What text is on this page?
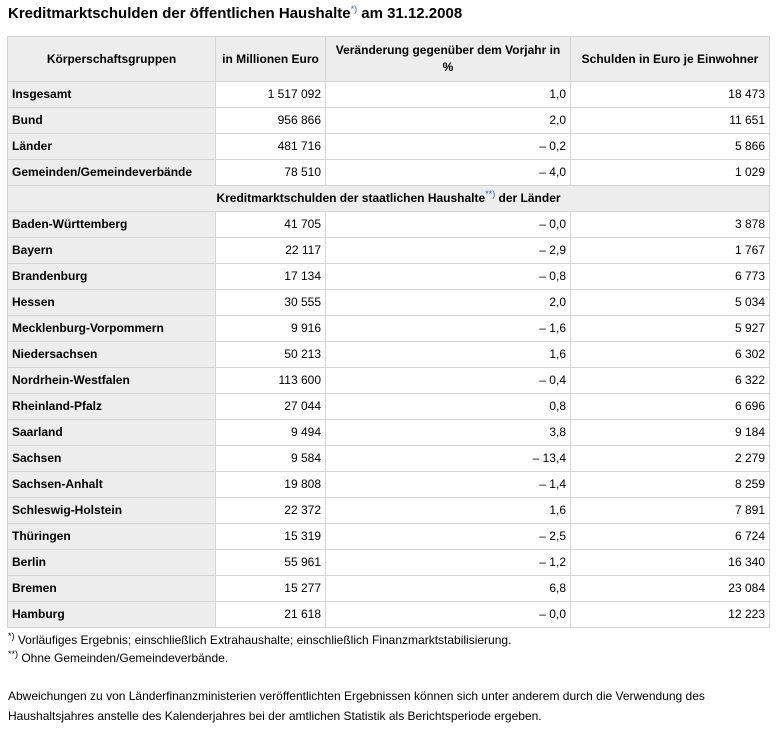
Kreditmarktschulden der öffentlichen Haushalte*) am 31.12.2008
Körperschaftsgruppen	in Millionen Euro	Veränderung gegenüber dem Vorjahr in %	Schulden in Euro je Einwohner
Insgesamt	1 517 092	1,0	18 473
Bund	956 866	2,0	11 651
Länder	481 716	– 0,2	5 866
Gemeinden/Gemeindeverbände	78 510	– 4,0	1 029
Kreditmarktschulden der staatlichen Haushalte**) der Länder			
Baden-Württemberg	41 705	– 0,0	3 878
Bayern	22 117	– 2,9	1 767
Brandenburg	17 134	– 0,8	6 773
Hessen	30 555	2,0	5 034
Mecklenburg-Vorpommern	9 916	– 1,6	5 927
Niedersachsen	50 213	1,6	6 302
Nordrhein-Westfalen	113 600	– 0,4	6 322
Rheinland-Pfalz	27 044	0,8	6 696
Saarland	9 494	3,8	9 184
Sachsen	9 584	– 13,4	2 279
Sachsen-Anhalt	19 808	– 1,4	8 259
Schleswig-Holstein	22 372	1,6	7 891
Thüringen	15 319	– 2,5	6 724
Berlin	55 961	– 1,2	16 340
Bremen	15 277	6,8	23 084
Hamburg	21 618	– 0,0	12 223
*) Vorläufiges Ergebnis; einschließlich Extrahaushalte; einschließlich Finanzmarktstabilisierung.
**) Ohne Gemeinden/Gemeindeverbände.
Abweichungen zu von Länderfinanzministerien veröffentlichten Ergebnissen können sich unter anderem durch die Verwendung des Haushaltsjahres anstelle des Kalenderjahres bei der amtlichen Statistik als Berichtsperiode ergeben.
